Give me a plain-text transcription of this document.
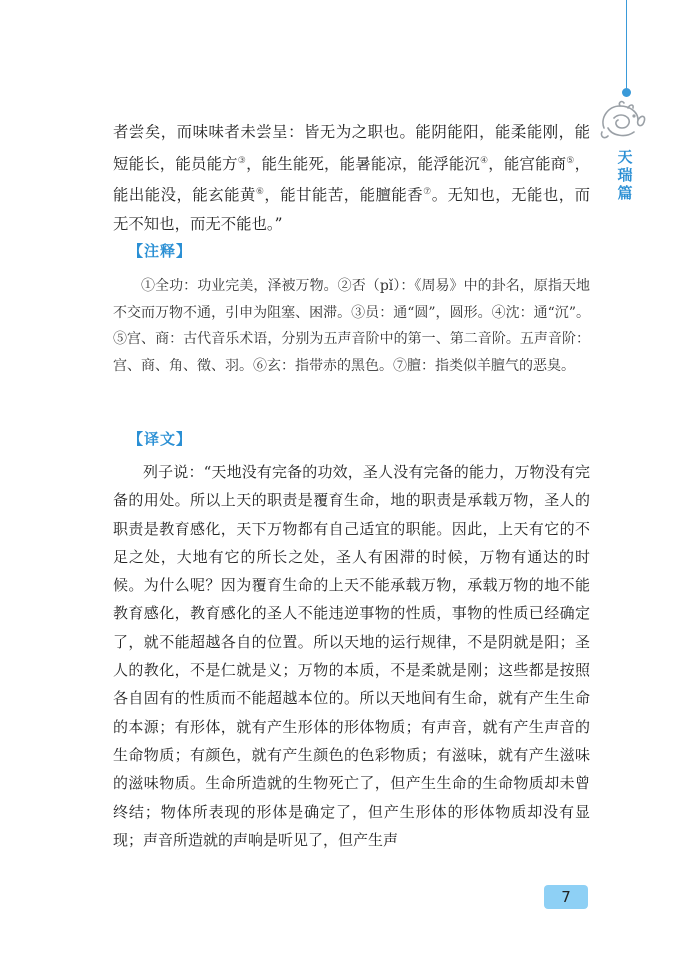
天
瑞
篇

者尝矣，而味味者未尝呈：皆无为之职也。能阴能阳，能柔能刚，能短能长，能员能方③，能生能死，能暑能凉，能浮能沉④，能宫能商⑤，能出能没，能玄能黄⑥，能甘能苦，能膻能香⑦。无知也，无能也，而无不知也，而无不能也。”

【注释】

①全功：功业完美，泽被万物。②否（pǐ）：《周易》中的卦名，原指天地不交而万物不通，引申为阻塞、困滞。③员：通“圆”，圆形。④沈：通“沉”。⑤宫、商：古代音乐术语，分别为五声音阶中的第一、第二音阶。五声音阶：宫、商、角、徵、羽。⑥玄：指带赤的黑色。⑦膻：指类似羊膻气的恶臭。

【译文】

列子说：“天地没有完备的功效，圣人没有完备的能力，万物没有完备的用处。所以上天的职责是覆育生命，地的职责是承载万物，圣人的职责是教育感化，天下万物都有自己适宜的职能。因此，上天有它的不足之处，大地有它的所长之处，圣人有困滞的时候，万物有通达的时候。为什么呢？因为覆育生命的上天不能承载万物，承载万物的地不能教育感化，教育感化的圣人不能违逆事物的性质，事物的性质已经确定了，就不能超越各自的位置。所以天地的运行规律，不是阴就是阳；圣人的教化，不是仁就是义；万物的本质，不是柔就是刚；这些都是按照各自固有的性质而不能超越本位的。所以天地间有生命，就有产生生命的本源；有形体，就有产生形体的形体物质；有声音，就有产生声音的生命物质；有颜色，就有产生颜色的色彩物质；有滋味，就有产生滋味的滋味物质。生命所造就的生物死亡了，但产生生命的生命物质却未曾终结；物体所表现的形体是确定了，但产生形体的形体物质却没有显现；声音所造就的声响是听见了，但产生声

7
